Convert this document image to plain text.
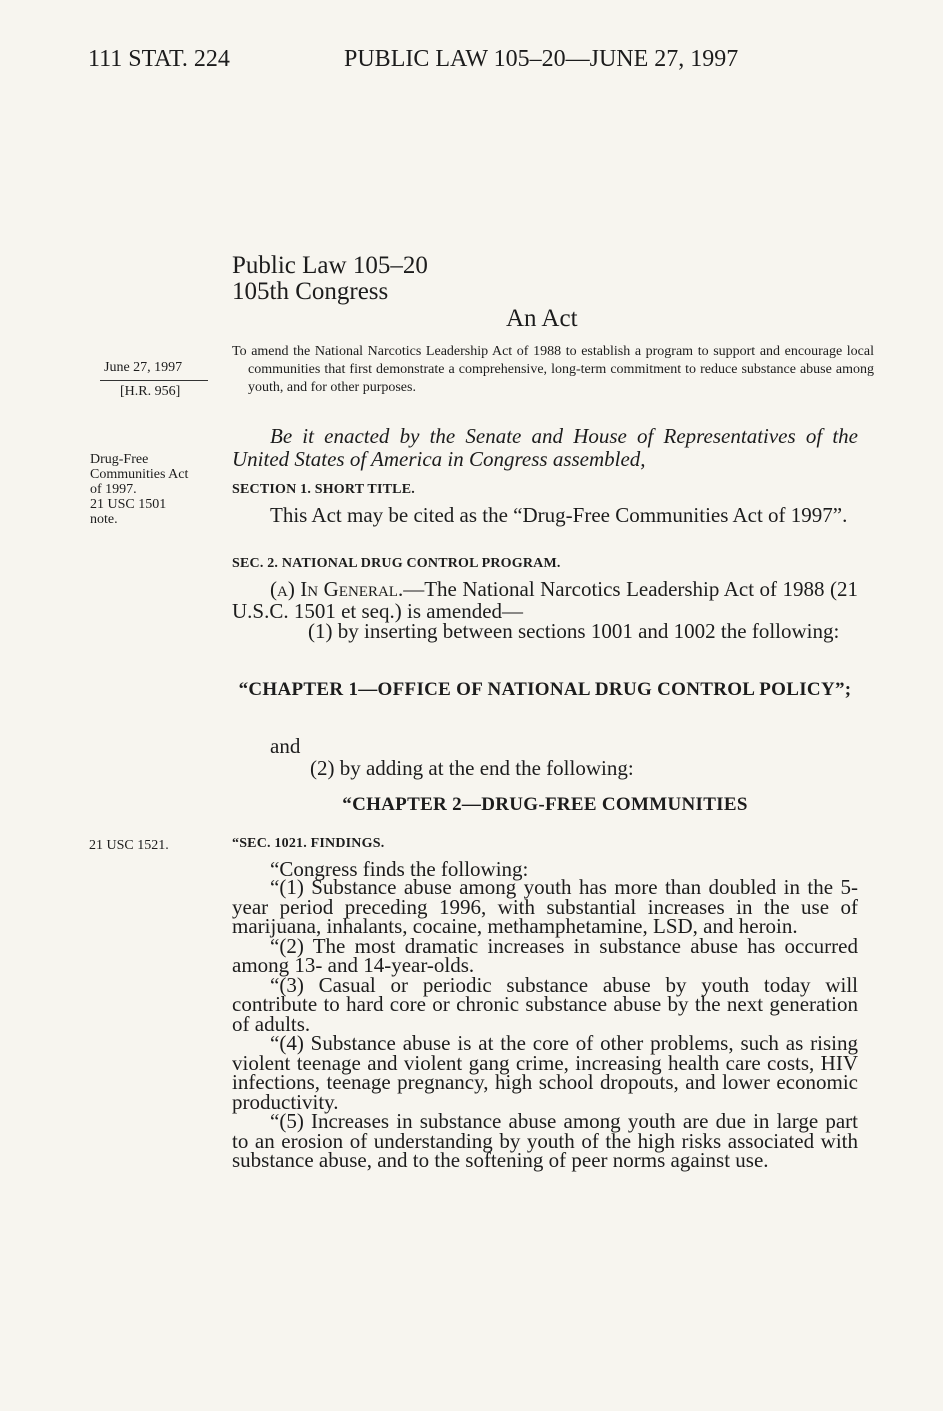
111 STAT. 224	PUBLIC LAW 105–20—JUNE 27, 1997
Public Law 105–20
105th Congress
An Act
June 27, 1997
[H.R. 956]
Drug-Free
Communities Act
of 1997.
21 USC 1501
note.
21 USC 1521.
To amend the National Narcotics Leadership Act of 1988 to establish a program to support and encourage local communities that first demonstrate a comprehensive, long-term commitment to reduce substance abuse among youth, and for other purposes.
Be it enacted by the Senate and House of Representatives of the United States of America in Congress assembled,
SECTION 1. SHORT TITLE.
This Act may be cited as the “Drug-Free Communities Act of 1997”.
SEC. 2. NATIONAL DRUG CONTROL PROGRAM.
(a) In General.—The National Narcotics Leadership Act of 1988 (21 U.S.C. 1501 et seq.) is amended—
(1) by inserting between sections 1001 and 1002 the following:
“CHAPTER 1—OFFICE OF NATIONAL DRUG CONTROL POLICY”;
and
(2) by adding at the end the following:
“CHAPTER 2—DRUG-FREE COMMUNITIES
“SEC. 1021. FINDINGS.
“Congress finds the following:

“(1) Substance abuse among youth has more than doubled in the 5-year period preceding 1996, with substantial increases in the use of marijuana, inhalants, cocaine, methamphetamine, LSD, and heroin.

“(2) The most dramatic increases in substance abuse has occurred among 13- and 14-year-olds.

“(3) Casual or periodic substance abuse by youth today will contribute to hard core or chronic substance abuse by the next generation of adults.

“(4) Substance abuse is at the core of other problems, such as rising violent teenage and violent gang crime, increasing health care costs, HIV infections, teenage pregnancy, high school dropouts, and lower economic productivity.

“(5) Increases in substance abuse among youth are due in large part to an erosion of understanding by youth of the high risks associated with substance abuse, and to the softening of peer norms against use.
